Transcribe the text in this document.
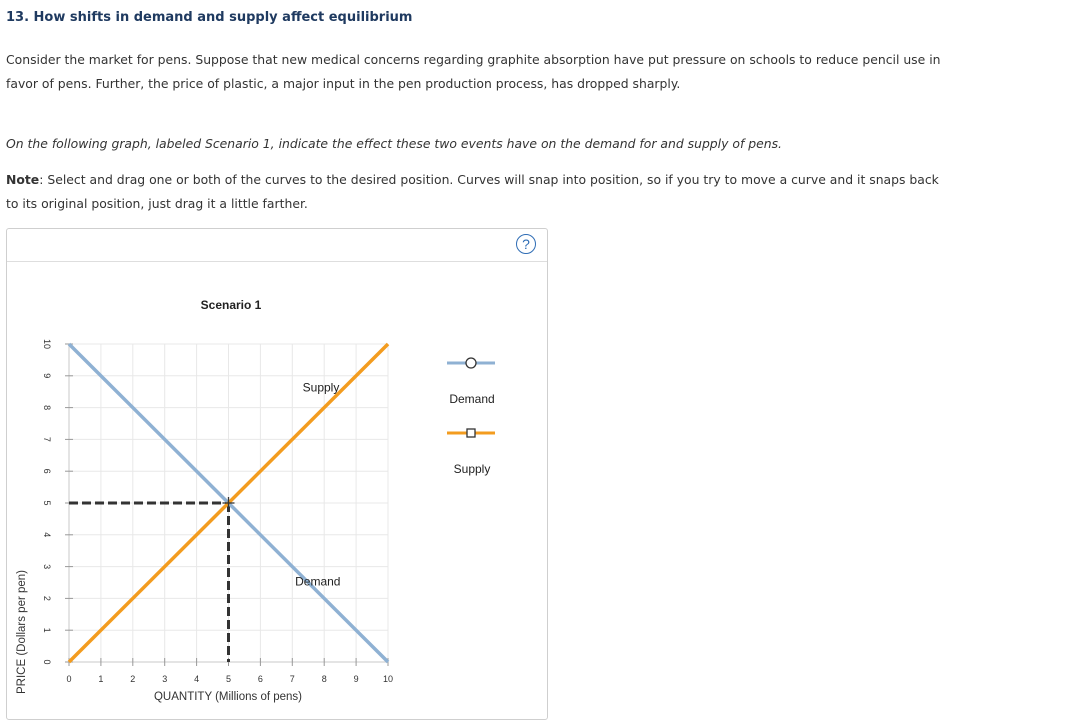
13. How shifts in demand and supply affect equilibrium
Consider the market for pens. Suppose that new medical concerns regarding graphite absorption have put pressure on schools to reduce pencil use in favor of pens. Further, the price of plastic, a major input in the pen production process, has dropped sharply.
On the following graph, labeled Scenario 1, indicate the effect these two events have on the demand for and supply of pens.
Note: Select and drag one or both of the curves to the desired position. Curves will snap into position, so if you try to move a curve and it snaps back to its original position, just drag it a little farther.
?
0	1	2	3	4	5	6	7	8	9	10
0
1
2
3
4
5
6
7
8
9
10
Demand
Supply
Scenario 1
QUANTITY (Millions of pens)
PRICE (Dollars per pen)
Demand
Supply
